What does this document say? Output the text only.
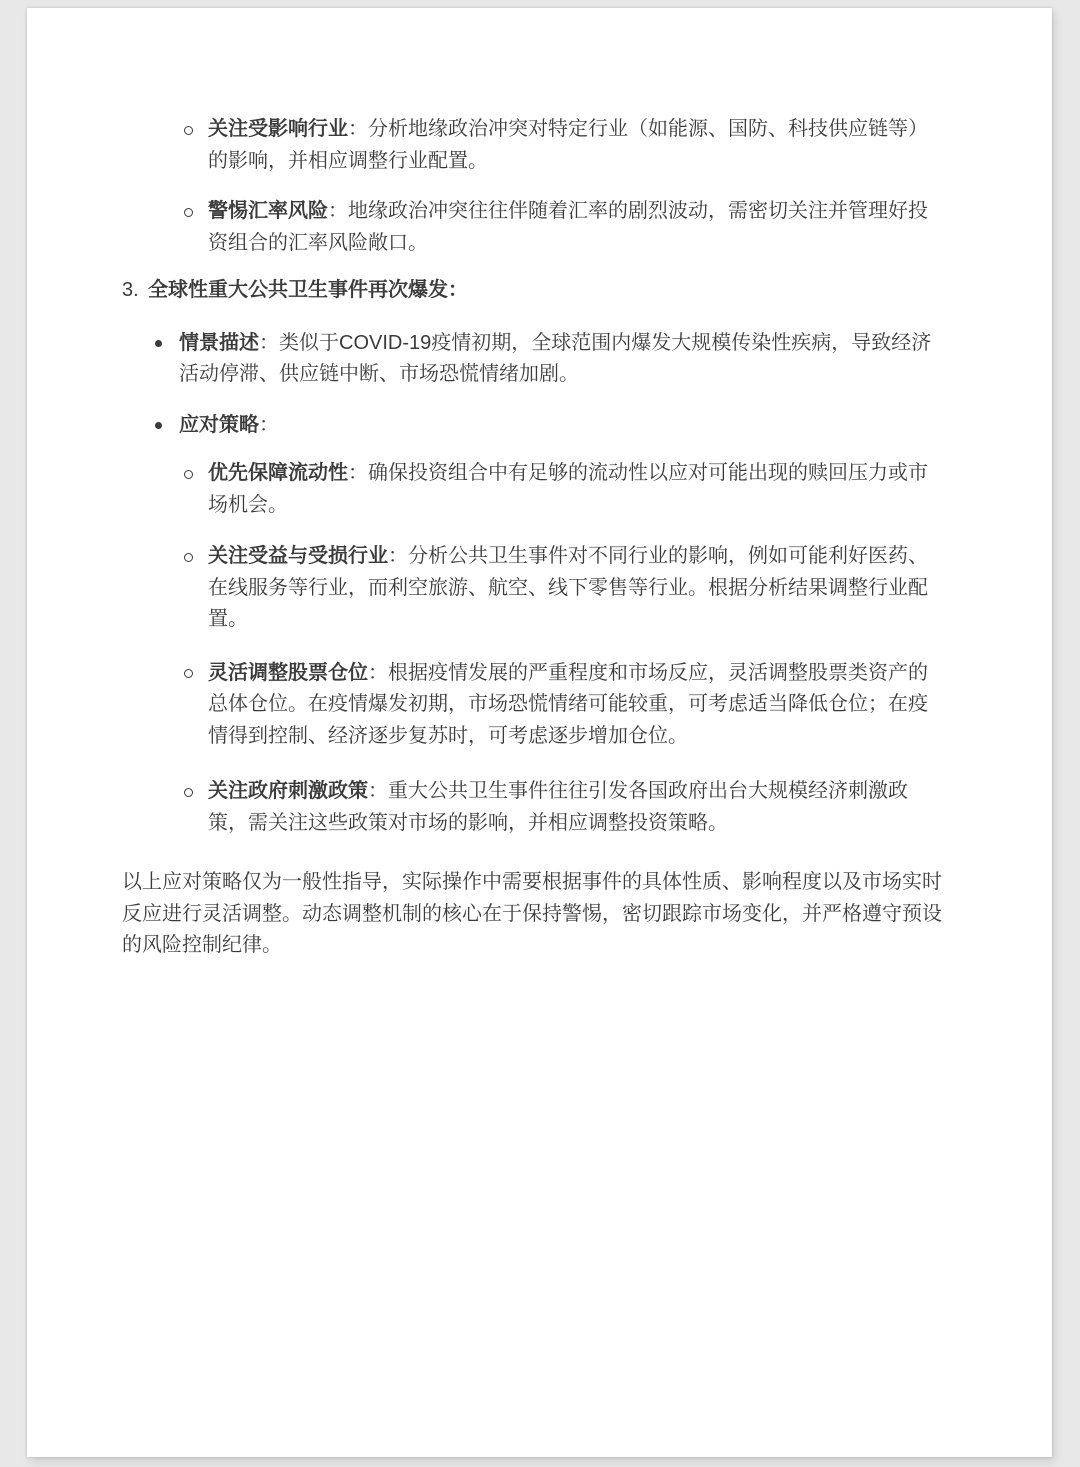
关注受影响行业：分析地缘政治冲突对特定行业（如能源、国防、科技供应链等）的影响，并相应调整行业配置。
警惕汇率风险：地缘政治冲突往往伴随着汇率的剧烈波动，需密切关注并管理好投资组合的汇率风险敞口。
3. 全球性重大公共卫生事件再次爆发：
情景描述：类似于COVID-19疫情初期，全球范围内爆发大规模传染性疾病，导致经济活动停滞、供应链中断、市场恐慌情绪加剧。
应对策略：
优先保障流动性：确保投资组合中有足够的流动性以应对可能出现的赎回压力或市场机会。
关注受益与受损行业：分析公共卫生事件对不同行业的影响，例如可能利好医药、在线服务等行业，而利空旅游、航空、线下零售等行业。根据分析结果调整行业配置。
灵活调整股票仓位：根据疫情发展的严重程度和市场反应，灵活调整股票类资产的总体仓位。在疫情爆发初期，市场恐慌情绪可能较重，可考虑适当降低仓位；在疫情得到控制、经济逐步复苏时，可考虑逐步增加仓位。
关注政府刺激政策：重大公共卫生事件往往引发各国政府出台大规模经济刺激政策，需关注这些政策对市场的影响，并相应调整投资策略。
以上应对策略仅为一般性指导，实际操作中需要根据事件的具体性质、影响程度以及市场实时反应进行灵活调整。动态调整机制的核心在于保持警惕，密切跟踪市场变化，并严格遵守预设的风险控制纪律。
